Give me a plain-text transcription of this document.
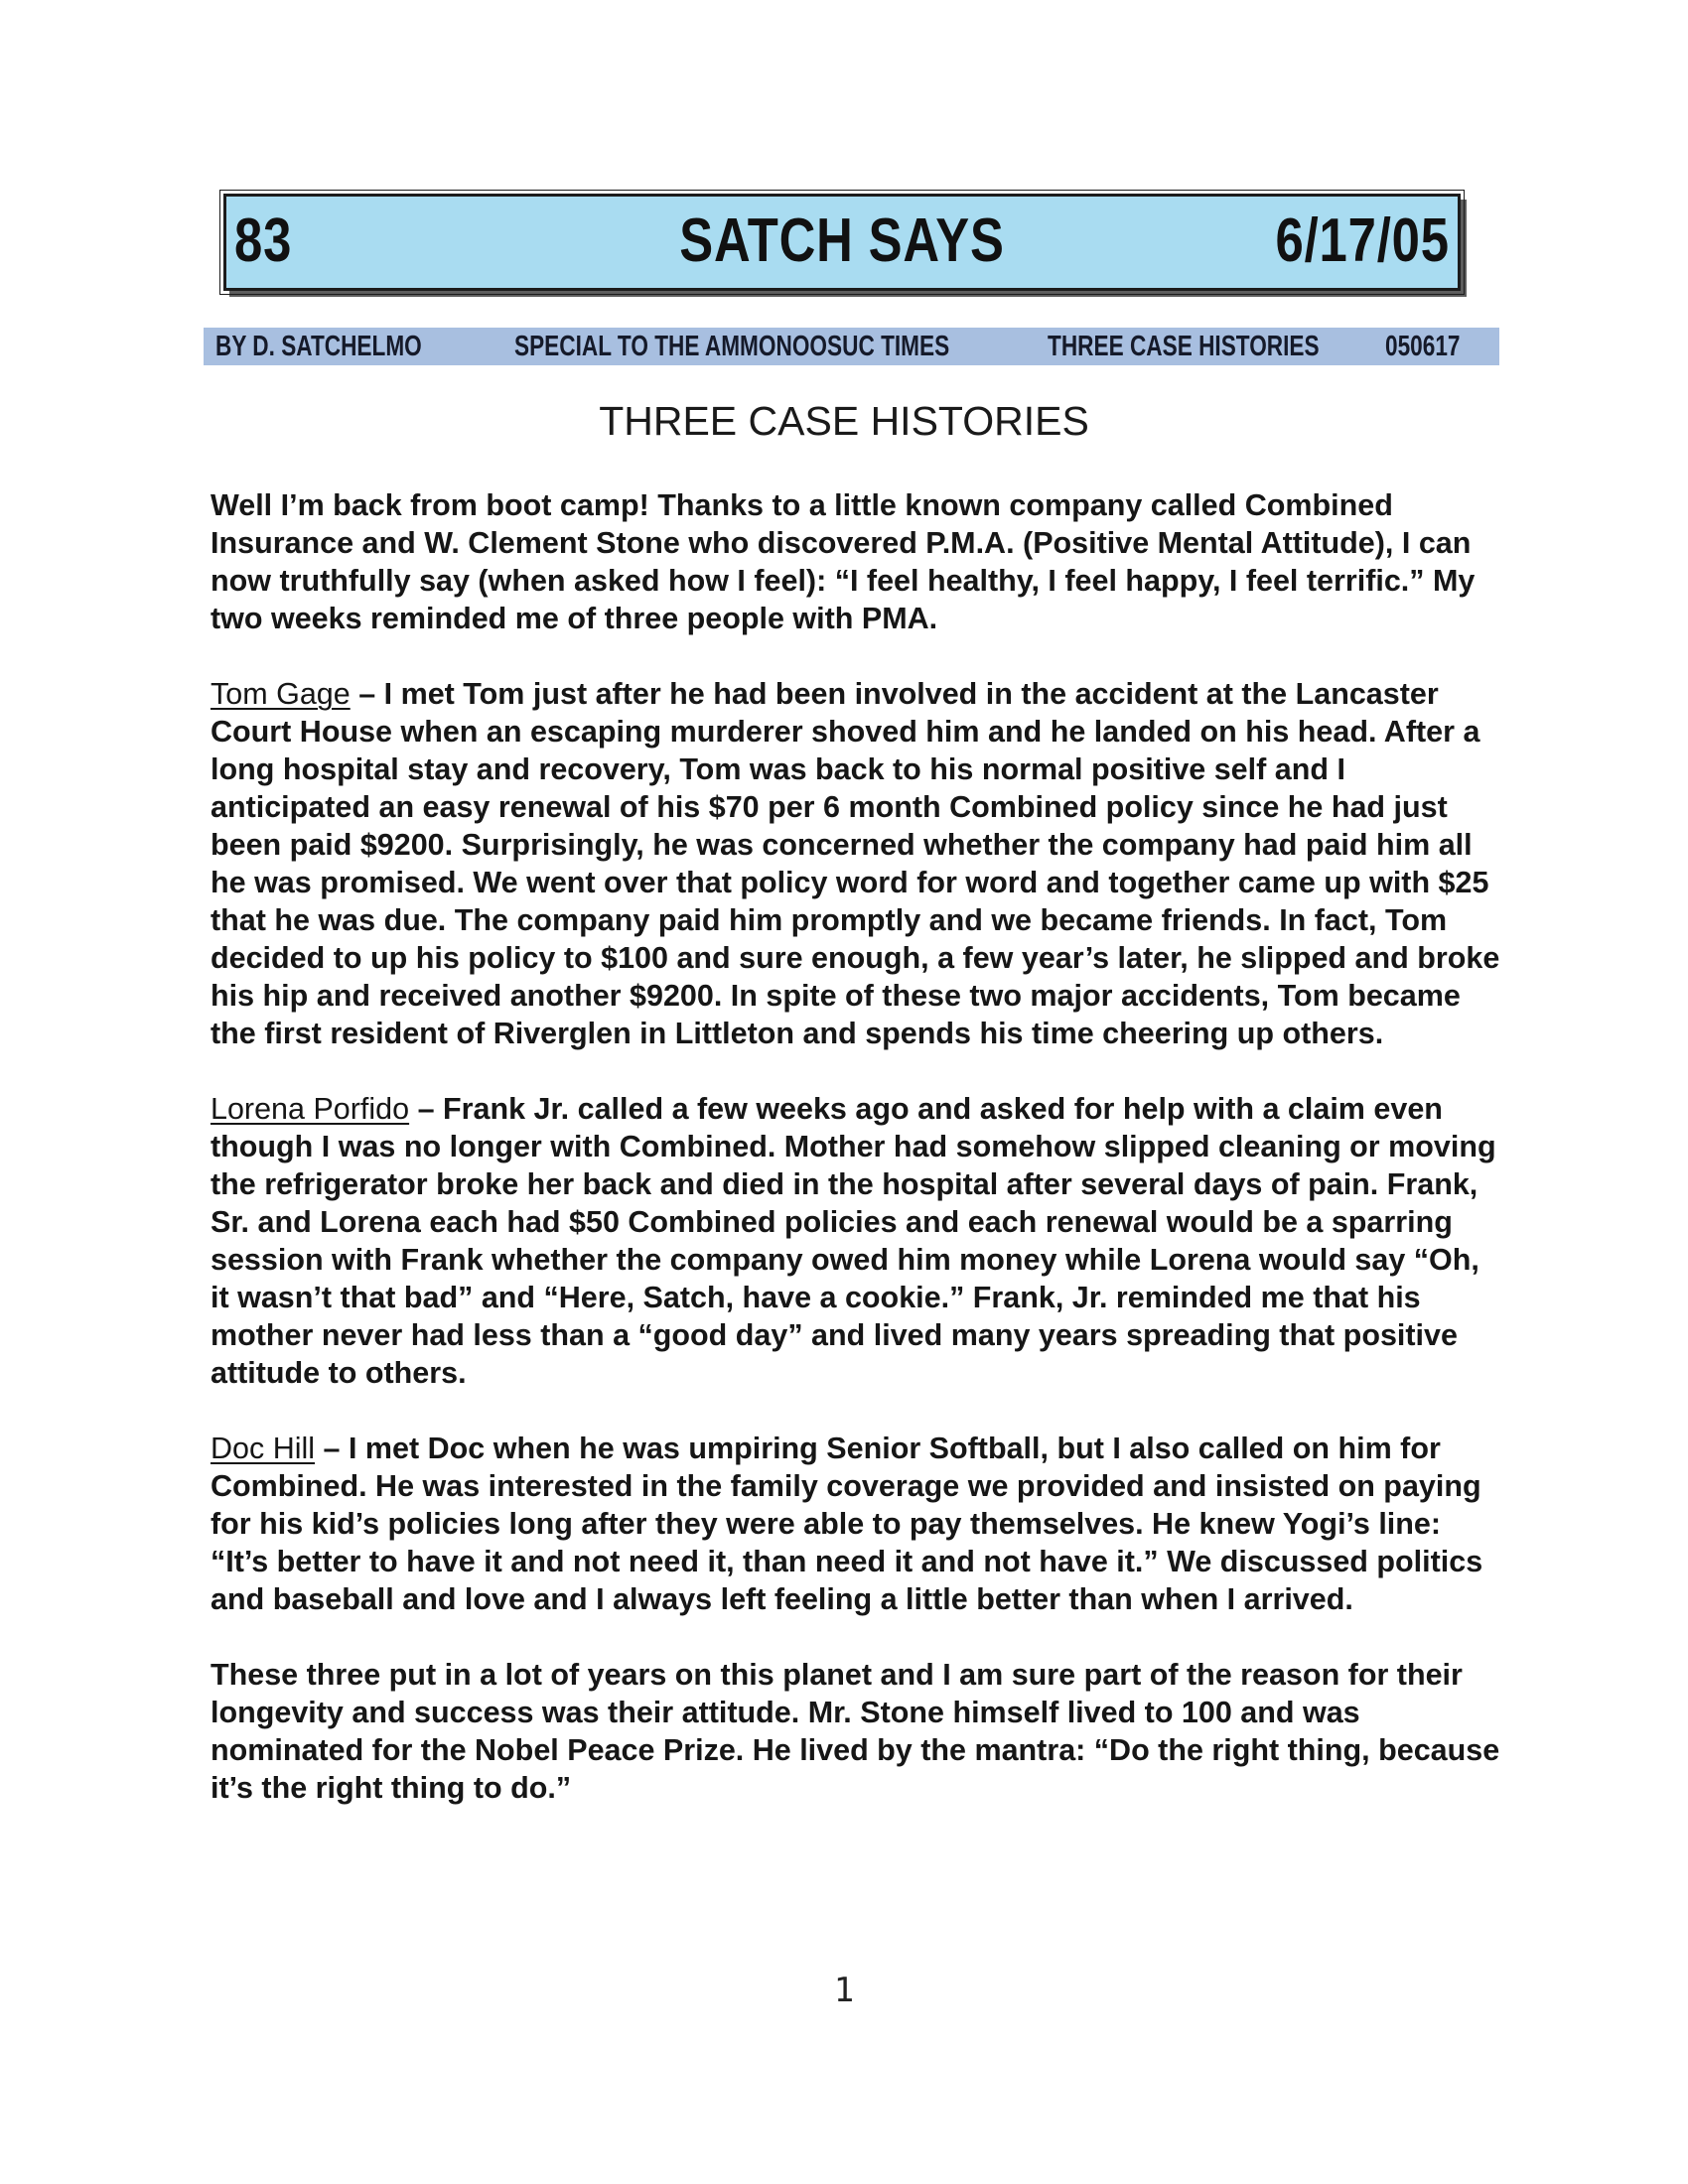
83	SATCH SAYS	6/17/05
BY D. SATCHELMO	SPECIAL TO THE AMMONOOSUC TIMES	THREE CASE HISTORIES 050617
THREE CASE HISTORIES

Well I’m back from boot camp! Thanks to a little known company called Combined Insurance and W. Clement Stone who discovered P.M.A. (Positive Mental Attitude), I can now truthfully say (when asked how I feel): “I feel healthy, I feel happy, I feel terrific.” My two weeks reminded me of three people with PMA.

Tom Gage – I met Tom just after he had been involved in the accident at the Lancaster Court House when an escaping murderer shoved him and he landed on his head. After a long hospital stay and recovery, Tom was back to his normal positive self and I anticipated an easy renewal of his $70 per 6 month Combined policy since he had just been paid $9200. Surprisingly, he was concerned whether the company had paid him all he was promised. We went over that policy word for word and together came up with $25 that he was due. The company paid him promptly and we became friends. In fact, Tom decided to up his policy to $100 and sure enough, a few year’s later, he slipped and broke his hip and received another $9200. In spite of these two major accidents, Tom became the first resident of Riverglen in Littleton and spends his time cheering up others.

Lorena Porfido – Frank Jr. called a few weeks ago and asked for help with a claim even though I was no longer with Combined. Mother had somehow slipped cleaning or moving the refrigerator broke her back and died in the hospital after several days of pain. Frank, Sr. and Lorena each had $50 Combined policies and each renewal would be a sparring session with Frank whether the company owed him money while Lorena would say “Oh, it wasn’t that bad” and “Here, Satch, have a cookie.” Frank, Jr. reminded me that his mother never had less than a “good day” and lived many years spreading that positive attitude to others.

Doc Hill – I met Doc when he was umpiring Senior Softball, but I also called on him for Combined. He was interested in the family coverage we provided and insisted on paying for his kid’s policies long after they were able to pay themselves. He knew Yogi’s line: “It’s better to have it and not need it, than need it and not have it.” We discussed politics and baseball and love and I always left feeling a little better than when I arrived.

These three put in a lot of years on this planet and I am sure part of the reason for their longevity and success was their attitude. Mr. Stone himself lived to 100 and was nominated for the Nobel Peace Prize. He lived by the mantra: “Do the right thing, because it’s the right thing to do.”

1
